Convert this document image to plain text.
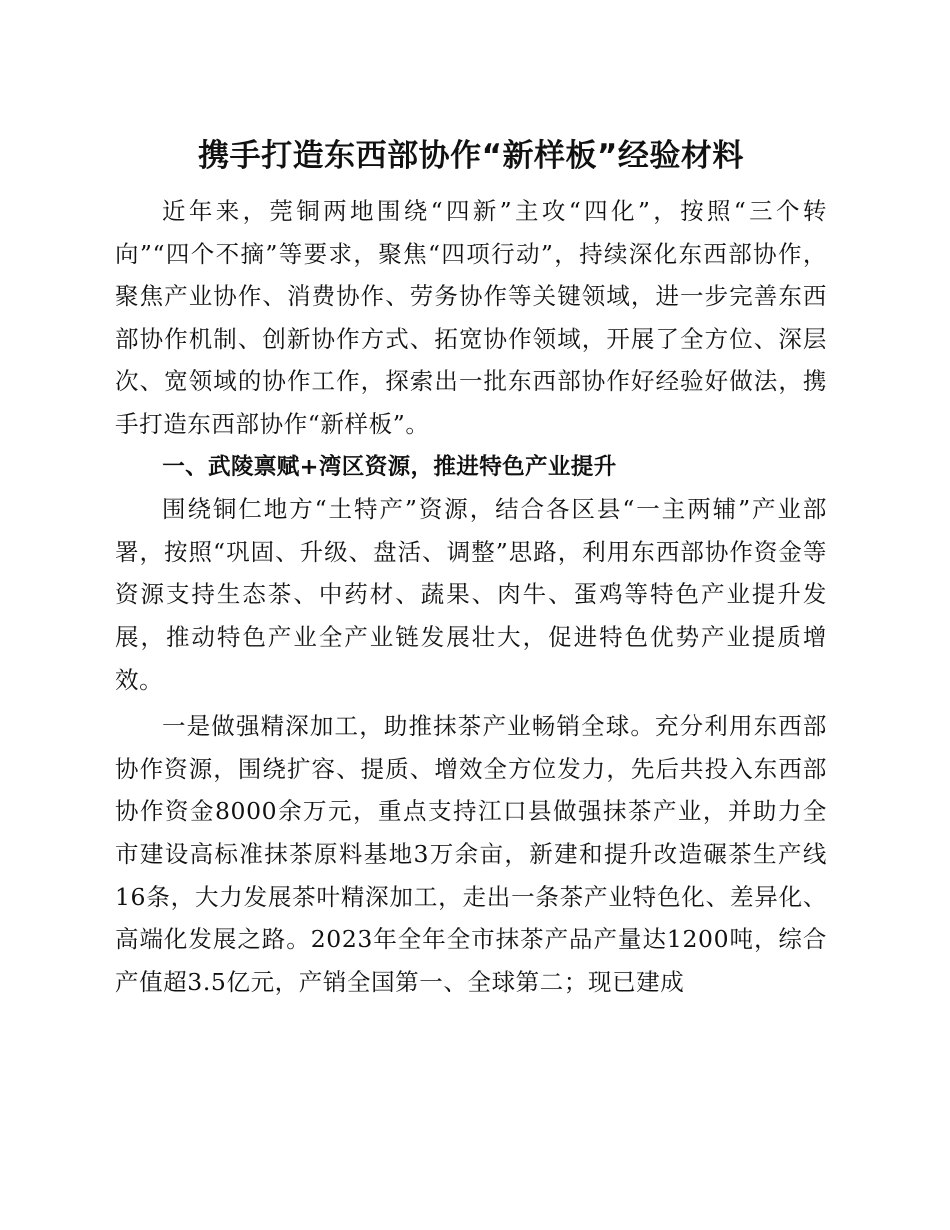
携手打造东西部协作“新样板”经验材料

近年来，莞铜两地围绕“四新”主攻“四化”，按照“三个转向”“四个不摘”等要求，聚焦“四项行动”，持续深化东西部协作，聚焦产业协作、消费协作、劳务协作等关键领域，进一步完善东西部协作机制、创新协作方式、拓宽协作领域，开展了全方位、深层次、宽领域的协作工作，探索出一批东西部协作好经验好做法，携手打造东西部协作“新样板”。

一、武陵禀赋+湾区资源，推进特色产业提升

围绕铜仁地方“土特产”资源，结合各区县“一主两辅”产业部署，按照“巩固、升级、盘活、调整”思路，利用东西部协作资金等资源支持生态茶、中药材、蔬果、肉牛、蛋鸡等特色产业提升发展，推动特色产业全产业链发展壮大，促进特色优势产业提质增效。

一是做强精深加工，助推抹茶产业畅销全球。充分利用东西部协作资源，围绕扩容、提质、增效全方位发力，先后共投入东西部协作资金8000余万元，重点支持江口县做强抹茶产业，并助力全市建设高标准抹茶原料基地3万余亩，新建和提升改造碾茶生产线16条，大力发展茶叶精深加工，走出一条茶产业特色化、差异化、高端化发展之路。2023年全年全市抹茶产品产量达1200吨，综合产值超3.5亿元，产销全国第一、全球第二；现已建成
